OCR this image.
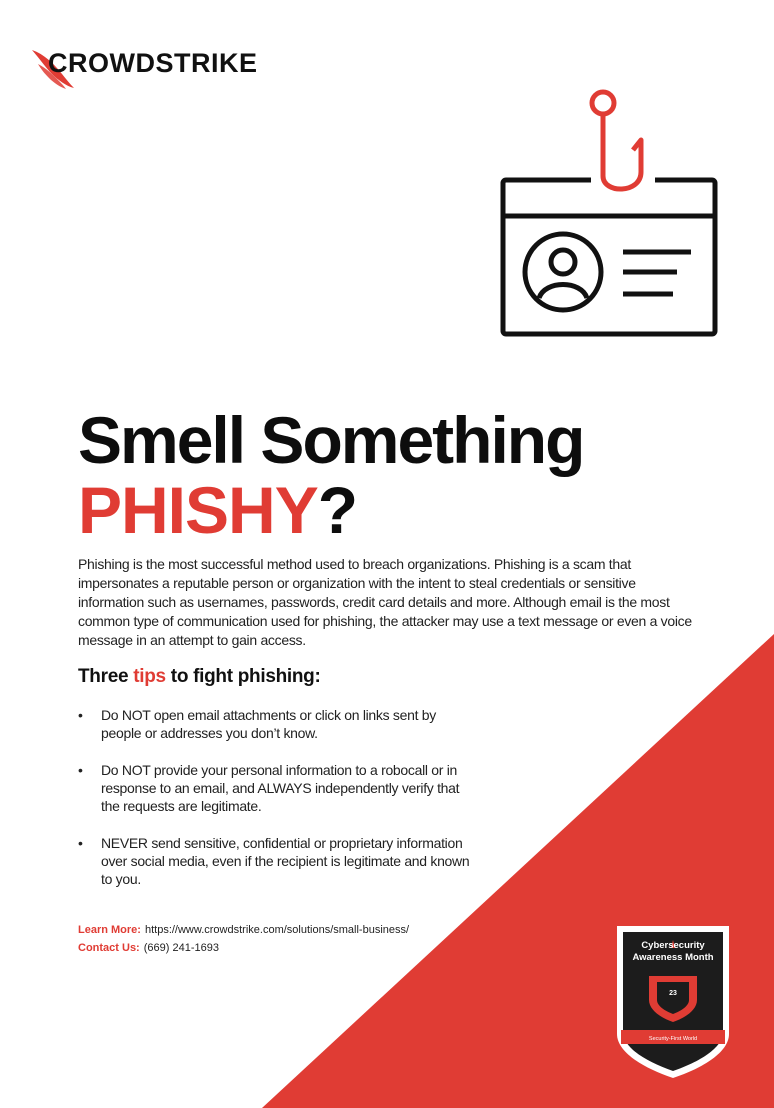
CROWDSTRIKE
Smell Something
PHISHY?

Phishing is the most successful method used to breach organizations. Phishing is a scam that impersonates a reputable person or organization with the intent to steal credentials or sensitive information such as usernames, passwords, credit card details and more. Although email is the most common type of communication used for phishing, the attacker may use a text message or even a voice message in an attempt to gain access.

Three tips to fight phishing:
• Do NOT open email attachments or click on links sent by people or addresses you don’t know.
• Do NOT provide your personal information to a robocall or in response to an email, and ALWAYS independently verify that the requests are legitimate.
• NEVER send sensitive, confidential or proprietary information over social media, even if the recipient is legitimate and known to you.
Learn More: https://www.crowdstrike.com/solutions/small-business/
Contact Us: (669) 241-1693	Cybersecurity
Awareness Month
23
Security-First World
